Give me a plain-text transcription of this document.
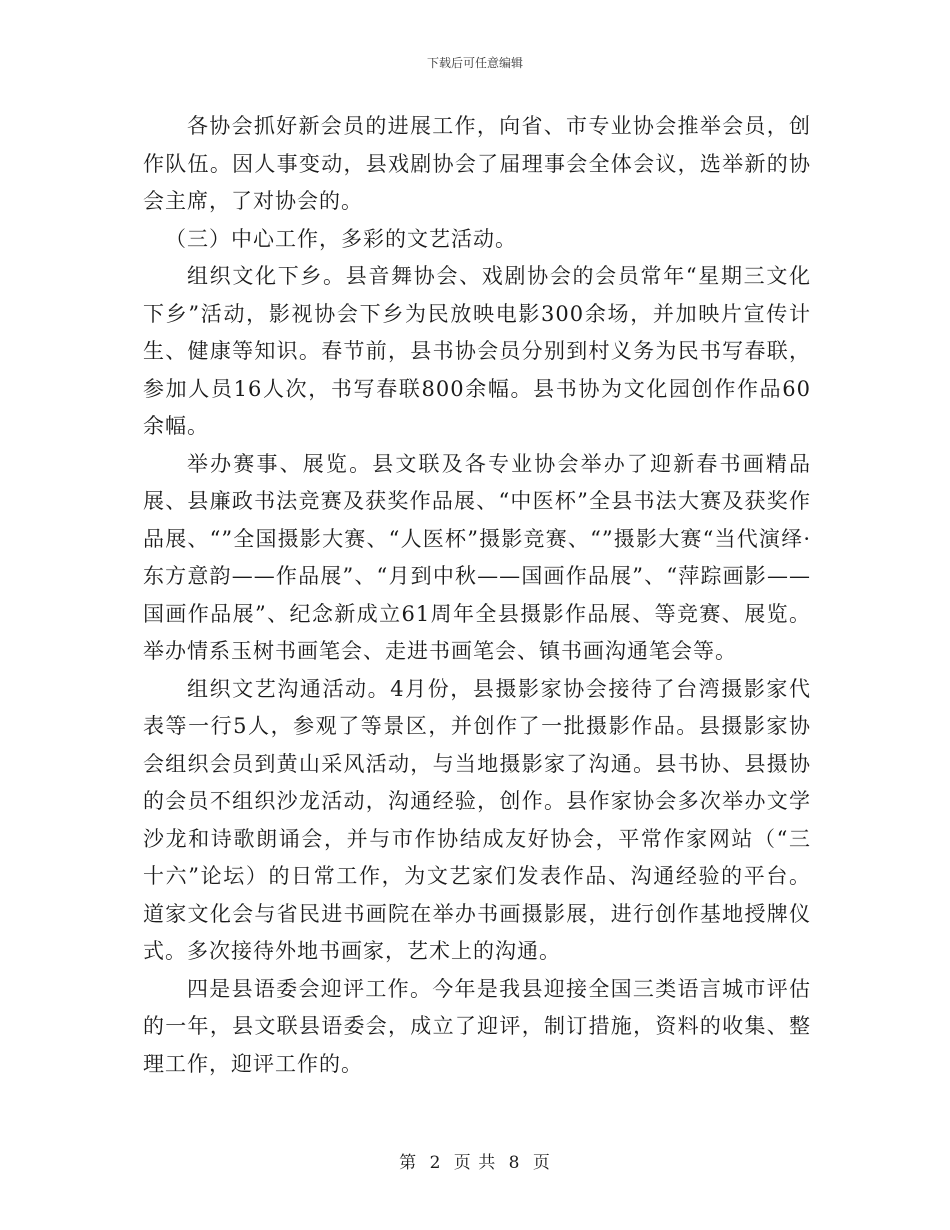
下载后可任意编辑

各协会抓好新会员的进展工作，向省、市专业协会推举会员，创作队伍。因人事变动，县戏剧协会了届理事会全体会议，选举新的协会主席，了对协会的。

（三）中心工作，多彩的文艺活动。

组织文化下乡。县音舞协会、戏剧协会的会员常年“星期三文化下乡”活动，影视协会下乡为民放映电影300余场，并加映片宣传计生、健康等知识。春节前，县书协会员分别到村义务为民书写春联，参加人员16人次，书写春联800余幅。县书协为文化园创作作品60余幅。

举办赛事、展览。县文联及各专业协会举办了迎新春书画精品展、县廉政书法竞赛及获奖作品展、“中医杯”全县书法大赛及获奖作品展、“”全国摄影大赛、“人医杯”摄影竞赛、“”摄影大赛“当代演绎·东方意韵——作品展”、“月到中秋——国画作品展”、“萍踪画影——国画作品展”、纪念新成立61周年全县摄影作品展、等竞赛、展览。举办情系玉树书画笔会、走进书画笔会、镇书画沟通笔会等。

组织文艺沟通活动。4月份，县摄影家协会接待了台湾摄影家代表等一行5人，参观了等景区，并创作了一批摄影作品。县摄影家协会组织会员到黄山采风活动，与当地摄影家了沟通。县书协、县摄协的会员不组织沙龙活动，沟通经验，创作。县作家协会多次举办文学沙龙和诗歌朗诵会，并与市作协结成友好协会，平常作家网站（“三十六”论坛）的日常工作，为文艺家们发表作品、沟通经验的平台。道家文化会与省民进书画院在举办书画摄影展，进行创作基地授牌仪式。多次接待外地书画家，艺术上的沟通。

四是县语委会迎评工作。今年是我县迎接全国三类语言城市评估的一年，县文联县语委会，成立了迎评，制订措施，资料的收集、整理工作，迎评工作的。

第 2 页 共 8 页
